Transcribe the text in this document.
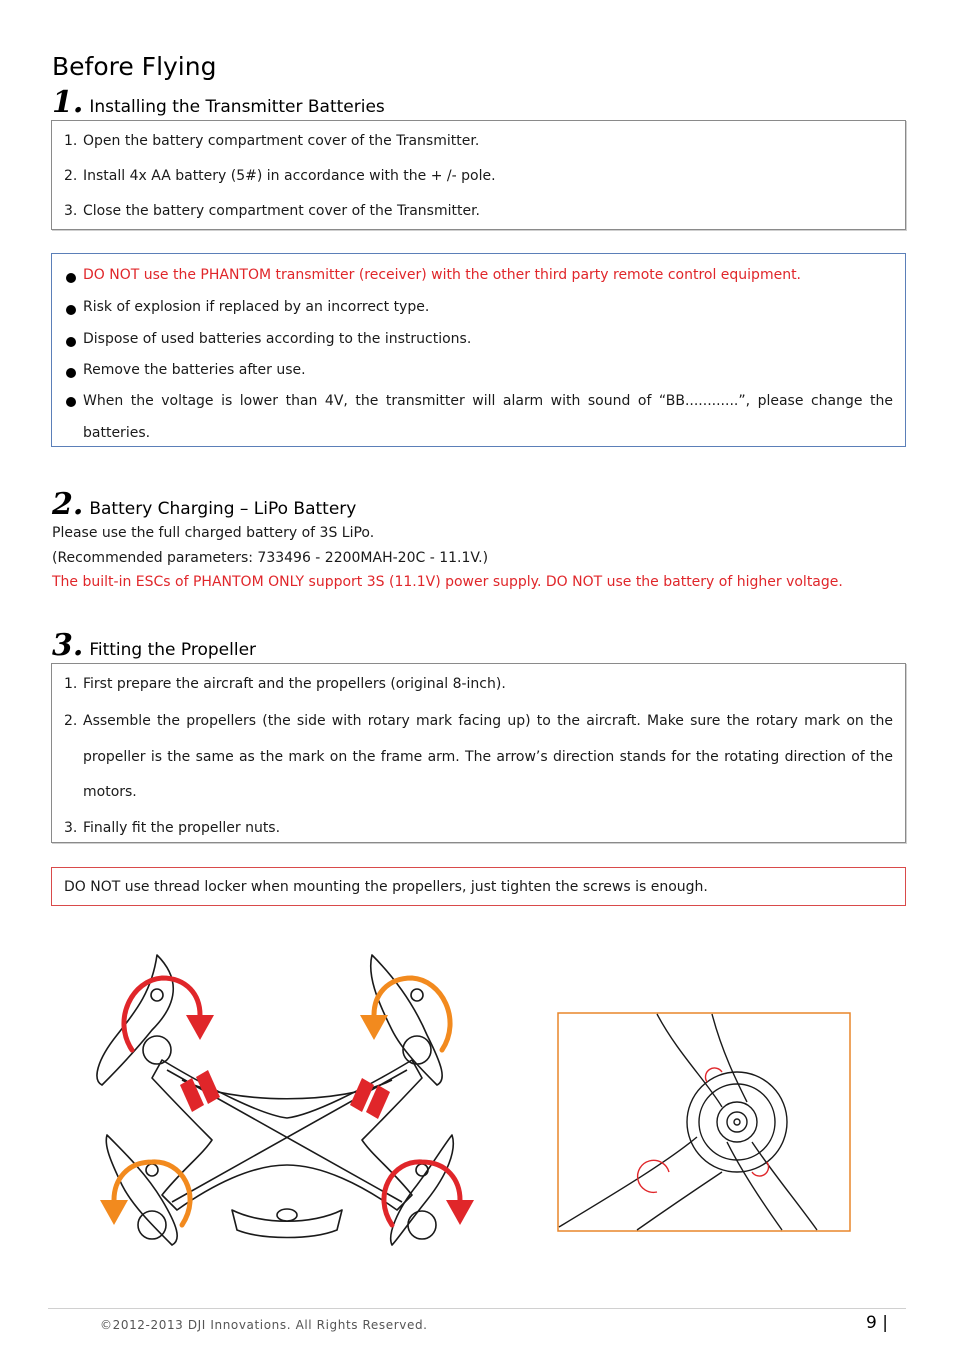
Before Flying
1. Installing the Transmitter Batteries
1. Open the battery compartment cover of the Transmitter.
2. Install 4x AA battery (5#) in accordance with the + /- pole.
3. Close the battery compartment cover of the Transmitter.
DO NOT use the PHANTOM transmitter (receiver) with the other third party remote control equipment.
Risk of explosion if replaced by an incorrect type.
Dispose of used batteries according to the instructions.
Remove the batteries after use.
When the voltage is lower than 4V, the transmitter will alarm with sound of “BB............”, please change the batteries.
2. Battery Charging – LiPo Battery
Please use the full charged battery of 3S LiPo.
(Recommended parameters: 733496 - 2200MAH-20C - 11.1V.)
The built-in ESCs of PHANTOM ONLY support 3S (11.1V) power supply. DO NOT use the battery of higher voltage.
3. Fitting the Propeller
1. First prepare the aircraft and the propellers (original 8-inch).
2. Assemble the propellers (the side with rotary mark facing up) to the aircraft. Make sure the rotary mark on the propeller is the same as the mark on the frame arm. The arrow’s direction stands for the rotating direction of the motors.
3. Finally fit the propeller nuts.
DO NOT use thread locker when mounting the propellers, just tighten the screws is enough.
©2012-2013 DJI Innovations. All Rights Reserved.	9 |
